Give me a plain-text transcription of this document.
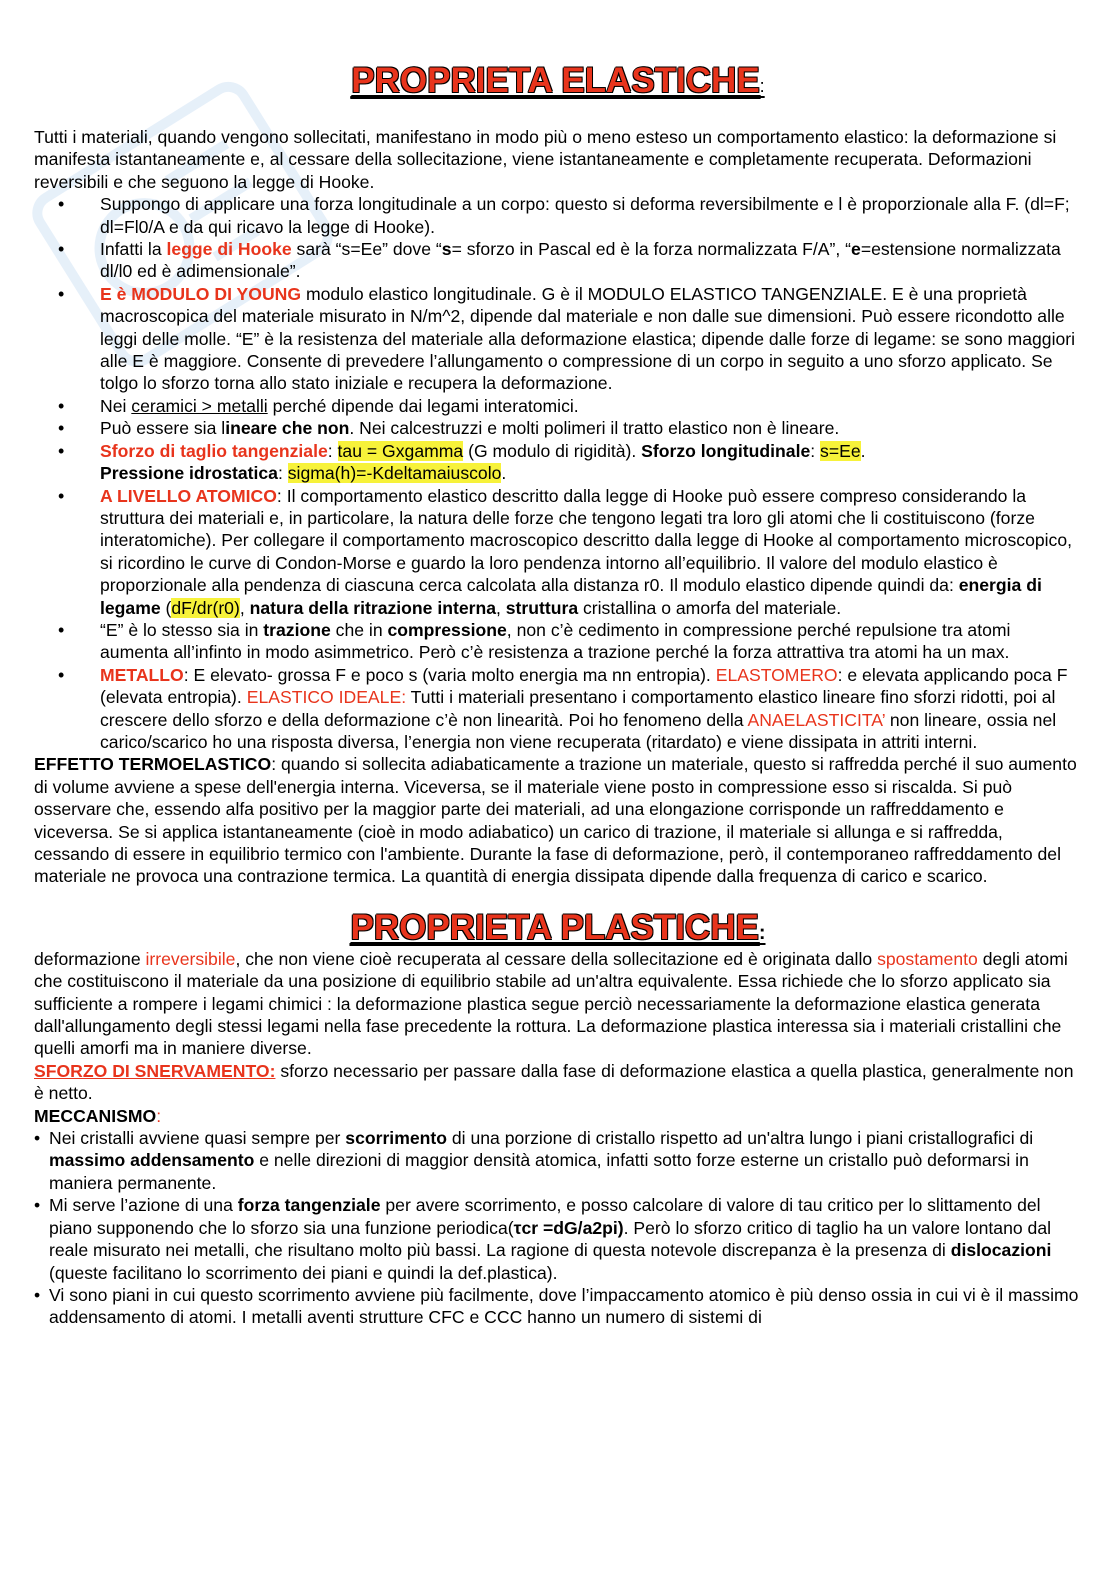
PROPRIETA ELASTICHE:

Tutti i materiali, quando vengono sollecitati, manifestano in modo più o meno esteso un comportamento elastico: la deformazione si manifesta istantaneamente e, al cessare della sollecitazione, viene istantaneamente e completamente recuperata. Deformazioni reversibili e che seguono la legge di Hooke.

• Suppongo di applicare una forza longitudinale a un corpo: questo si deforma reversibilmente e l è proporzionale alla F. (dl=F; dl=Fl0/A e da qui ricavo la legge di Hooke).
• Infatti la legge di Hooke sarà “s=Ee” dove “s= sforzo in Pascal ed è la forza normalizzata F/A”, “e=estensione normalizzata dl/l0 ed è adimensionale”.
• E è MODULO DI YOUNG modulo elastico longitudinale. G è il MODULO ELASTICO TANGENZIALE. E è una proprietà macroscopica del materiale misurato in N/m^2, dipende dal materiale e non dalle sue dimensioni. Può essere ricondotto alle leggi delle molle. “E” è la resistenza del materiale alla deformazione elastica; dipende dalle forze di legame: se sono maggiori alle E è maggiore. Consente di prevedere l’allungamento o compressione di un corpo in seguito a uno sforzo applicato. Se tolgo lo sforzo torna allo stato iniziale e recupera la deformazione.
• Nei ceramici > metalli perché dipende dai legami interatomici.
• Può essere sia lineare che non. Nei calcestruzzi e molti polimeri il tratto elastico non è lineare.
• Sforzo di taglio tangenziale: tau = Gxgamma (G modulo di rigidità). Sforzo longitudinale: s=Ee.
Pressione idrostatica: sigma(h)=-Kdeltamaiuscolo.
• A LIVELLO ATOMICO: Il comportamento elastico descritto dalla legge di Hooke può essere compreso considerando la struttura dei materiali e, in particolare, la natura delle forze che tengono legati tra loro gli atomi che li costituiscono (forze interatomiche). Per collegare il comportamento macroscopico descritto dalla legge di Hooke al comportamento microscopico, si ricordino le curve di Condon-Morse e guardo la loro pendenza intorno all’equilibrio. Il valore del modulo elastico è proporzionale alla pendenza di ciascuna cerca calcolata alla distanza r0. Il modulo elastico dipende quindi da: energia di legame (dF/dr(r0), natura della ritrazione interna, struttura cristallina o amorfa del materiale.
• “E” è lo stesso sia in trazione che in compressione, non c’è cedimento in compressione perché repulsione tra atomi aumenta all’infinto in modo asimmetrico. Però c’è resistenza a trazione perché la forza attrattiva tra atomi ha un max.
• METALLO: E elevato- grossa F e poco s (varia molto energia ma nn entropia). ELASTOMERO: e elevata applicando poca F (elevata entropia). ELASTICO IDEALE: Tutti i materiali presentano i comportamento elastico lineare fino sforzi ridotti, poi al crescere dello sforzo e della deformazione c’è non linearità. Poi ho fenomeno della ANAELASTICITA’ non lineare, ossia nel carico/scarico ho una risposta diversa, l’energia non viene recuperata (ritardato) e viene dissipata in attriti interni.

EFFETTO TERMOELASTICO: quando si sollecita adiabaticamente a trazione un materiale, questo si raffredda perché il suo aumento di volume avviene a spese dell'energia interna. Viceversa, se il materiale viene posto in compressione esso si riscalda. Si può osservare che, essendo alfa positivo per la maggior parte dei materiali, ad una elongazione corrisponde un raffreddamento e viceversa. Se si applica istantaneamente (cioè in modo adiabatico) un carico di trazione, il materiale si allunga e si raffredda, cessando di essere in equilibrio termico con l'ambiente. Durante la fase di deformazione, però, il contemporaneo raffreddamento del materiale ne provoca una contrazione termica. La quantità di energia dissipata dipende dalla frequenza di carico e scarico.

PROPRIETA PLASTICHE:

deformazione irreversibile, che non viene cioè recuperata al cessare della sollecitazione ed è originata dallo spostamento degli atomi che costituiscono il materiale da una posizione di equilibrio stabile ad un'altra equivalente. Essa richiede che lo sforzo applicato sia sufficiente a rompere i legami chimici : la deformazione plastica segue perciò necessariamente la deformazione elastica generata dall'allungamento degli stessi legami nella fase precedente la rottura. La deformazione plastica interessa sia i materiali cristallini che quelli amorfi ma in maniere diverse.

SFORZO DI SNERVAMENTO: sforzo necessario per passare dalla fase di deformazione elastica a quella plastica, generalmente non è netto.

MECCANISMO:

• Nei cristalli avviene quasi sempre per scorrimento di una porzione di cristallo rispetto ad un'altra lungo i piani cristallografici di massimo addensamento e nelle direzioni di maggior densità atomica, infatti sotto forze esterne un cristallo può deformarsi in maniera permanente.
• Mi serve l’azione di una forza tangenziale per avere scorrimento, e posso calcolare di valore di tau critico per lo slittamento del piano supponendo che lo sforzo sia una funzione periodica(τcr =dG/a2pi). Però lo sforzo critico di taglio ha un valore lontano dal reale misurato nei metalli, che risultano molto più bassi. La ragione di questa notevole discrepanza è la presenza di dislocazioni (queste facilitano lo scorrimento dei piani e quindi la def.plastica).
• Vi sono piani in cui questo scorrimento avviene più facilmente, dove l’impaccamento atomico è più denso ossia in cui vi è il massimo addensamento di atomi. I metalli aventi strutture CFC e CCC hanno un numero di sistemi di
